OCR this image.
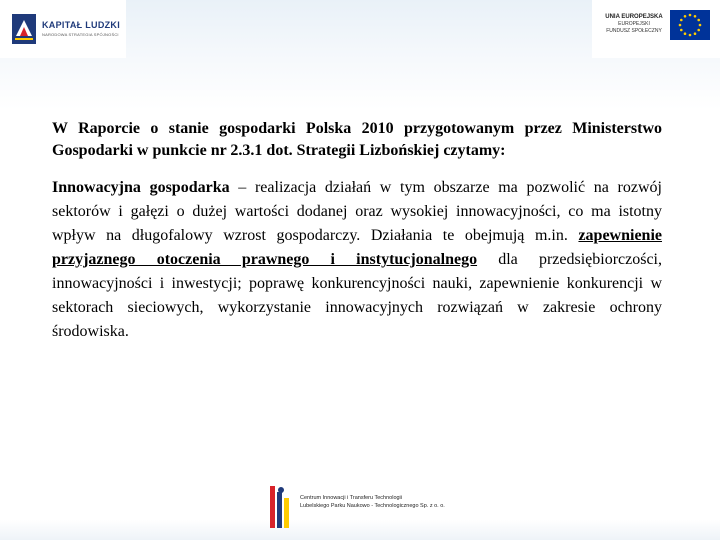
KAPITAŁ LUDZKI
NARODOWA STRATEGIA SPÓJNOŚCI
UNIA EUROPEJSKA
EUROPEJSKI
FUNDUSZ SPOŁECZNY

W Raporcie o stanie gospodarki Polska 2010 przygotowanym przez Ministerstwo Gospodarki w punkcie nr 2.3.1 dot. Strategii Lizbońskiej czytamy:

Innowacyjna gospodarka – realizacja działań w tym obszarze ma pozwolić na rozwój sektorów i gałęzi o dużej wartości dodanej oraz wysokiej innowacyjności, co ma istotny wpływ na długofalowy wzrost gospodarczy. Działania te obejmują m.in. zapewnienie przyjaznego otoczenia prawnego i instytucjonalnego dla przedsiębiorczości, innowacyjności i inwestycji; poprawę konkurencyjności nauki, zapewnienie konkurencji w sektorach sieciowych, wykorzystanie innowacyjnych rozwiązań w zakresie ochrony środowiska.

Centrum Innowacji i Transferu Technologii
Lubelskiego Parku Naukowo - Technologicznego Sp. z o. o.
